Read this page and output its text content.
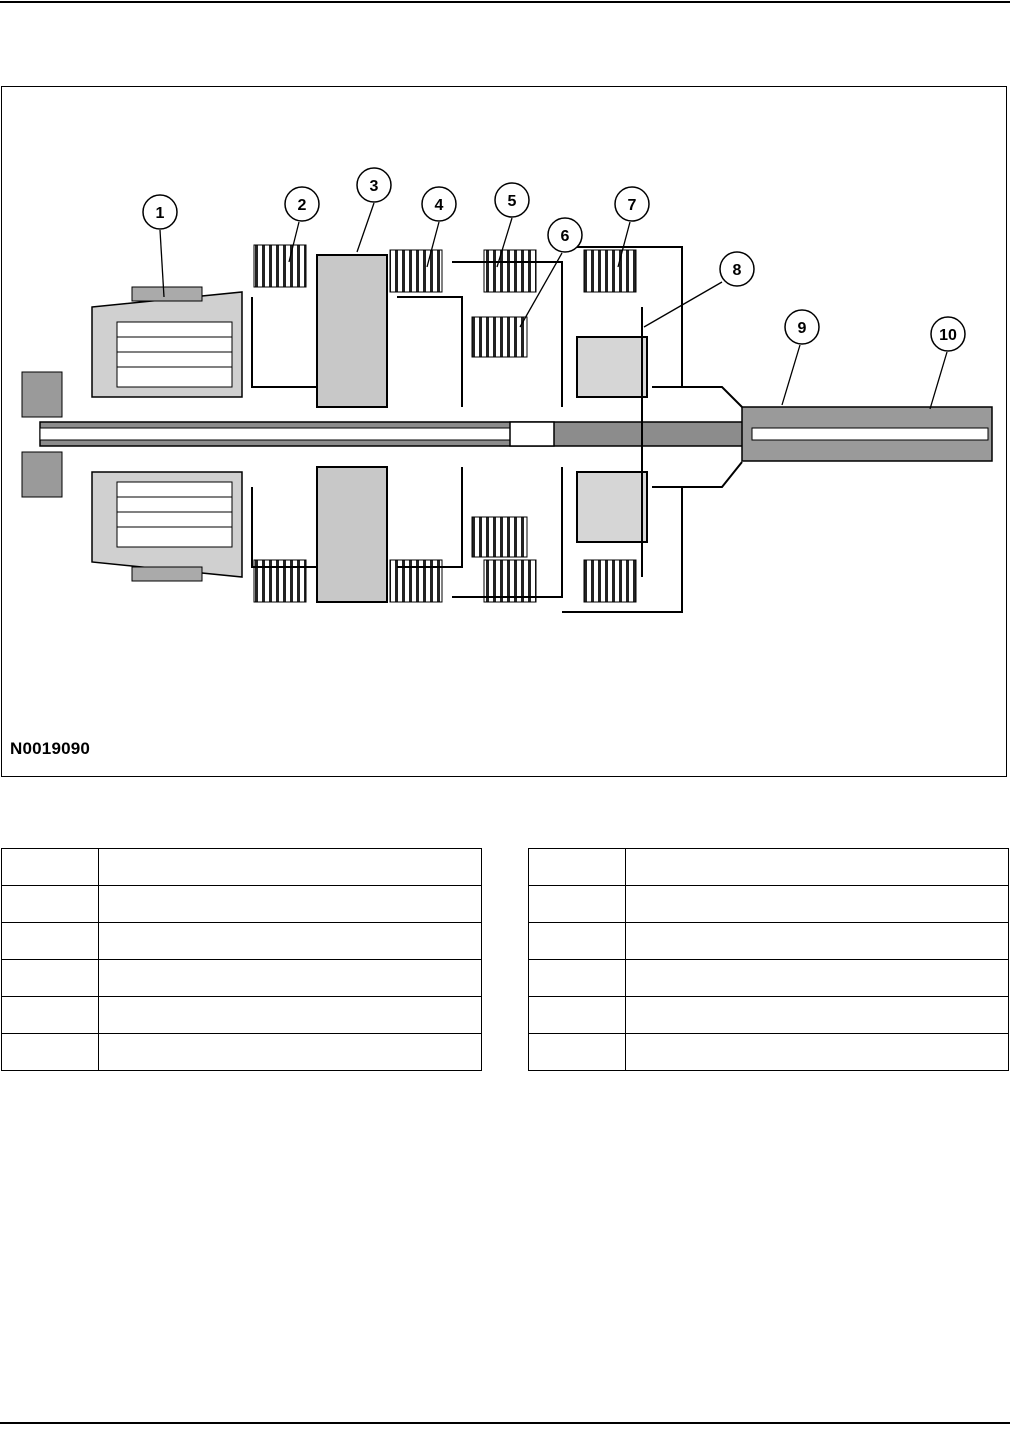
1	2
3
4	5
6
7
8
9	10
N0019090
